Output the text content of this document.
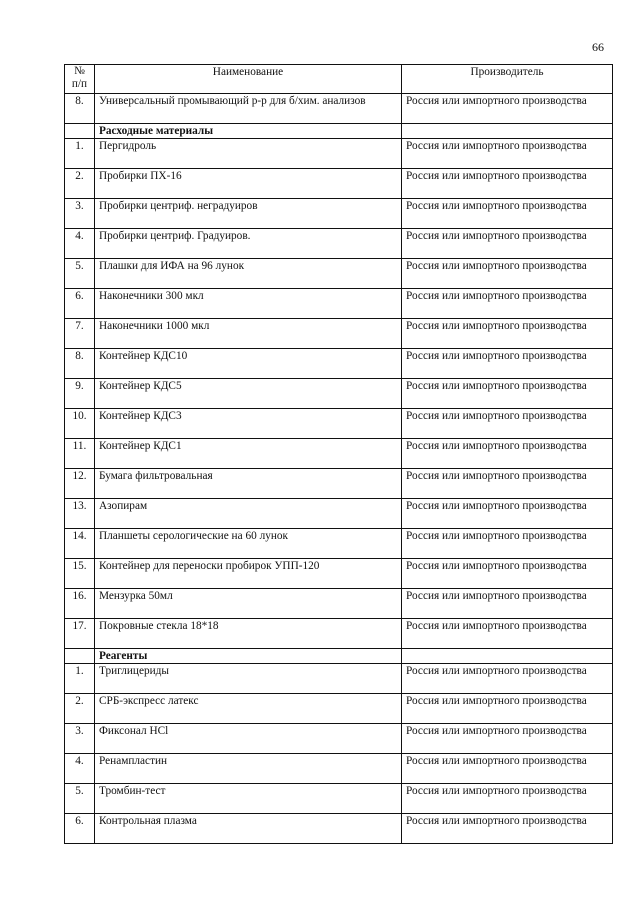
66
№ п/п	Наименование	Производитель

8.	Универсальный промывающий р-р для б/хим. анализов	Россия или импортного производства
	Расходные материалы	
1.	Пергидроль	Россия или импортного производства
2.	Пробирки ПХ-16	Россия или импортного производства
3.	Пробирки центриф. неградуиров	Россия или импортного производства
4.	Пробирки центриф. Градуиров.	Россия или импортного производства
5.	Плашки для ИФА на 96 лунок	Россия или импортного производства
6.	Наконечники 300 мкл	Россия или импортного производства
7.	Наконечники 1000 мкл	Россия или импортного производства
8.	Контейнер КДС10	Россия или импортного производства
9.	Контейнер КДС5	Россия или импортного производства
10.	Контейнер КДС3	Россия или импортного производства
11.	Контейнер КДС1	Россия или импортного производства
12.	Бумага фильтровальная	Россия или импортного производства
13.	Азопирам	Россия или импортного производства
14.	Планшеты серологические на 60 лунок	Россия или импортного производства
15.	Контейнер для переноски пробирок УПП-120	Россия или импортного производства
16.	Мензурка 50мл	Россия или импортного производства
17.	Покровные стекла 18*18	Россия или импортного производства
	Реагенты	
1.	Триглицериды	Россия или импортного производства
2.	СРБ-экспресс латекс	Россия или импортного производства
3.	Фиксонал НСl	Россия или импортного производства
4.	Ренампластин	Россия или импортного производства
5.	Тромбин-тест	Россия или импортного производства
6.	Контрольная плазма	Россия или импортного производства
